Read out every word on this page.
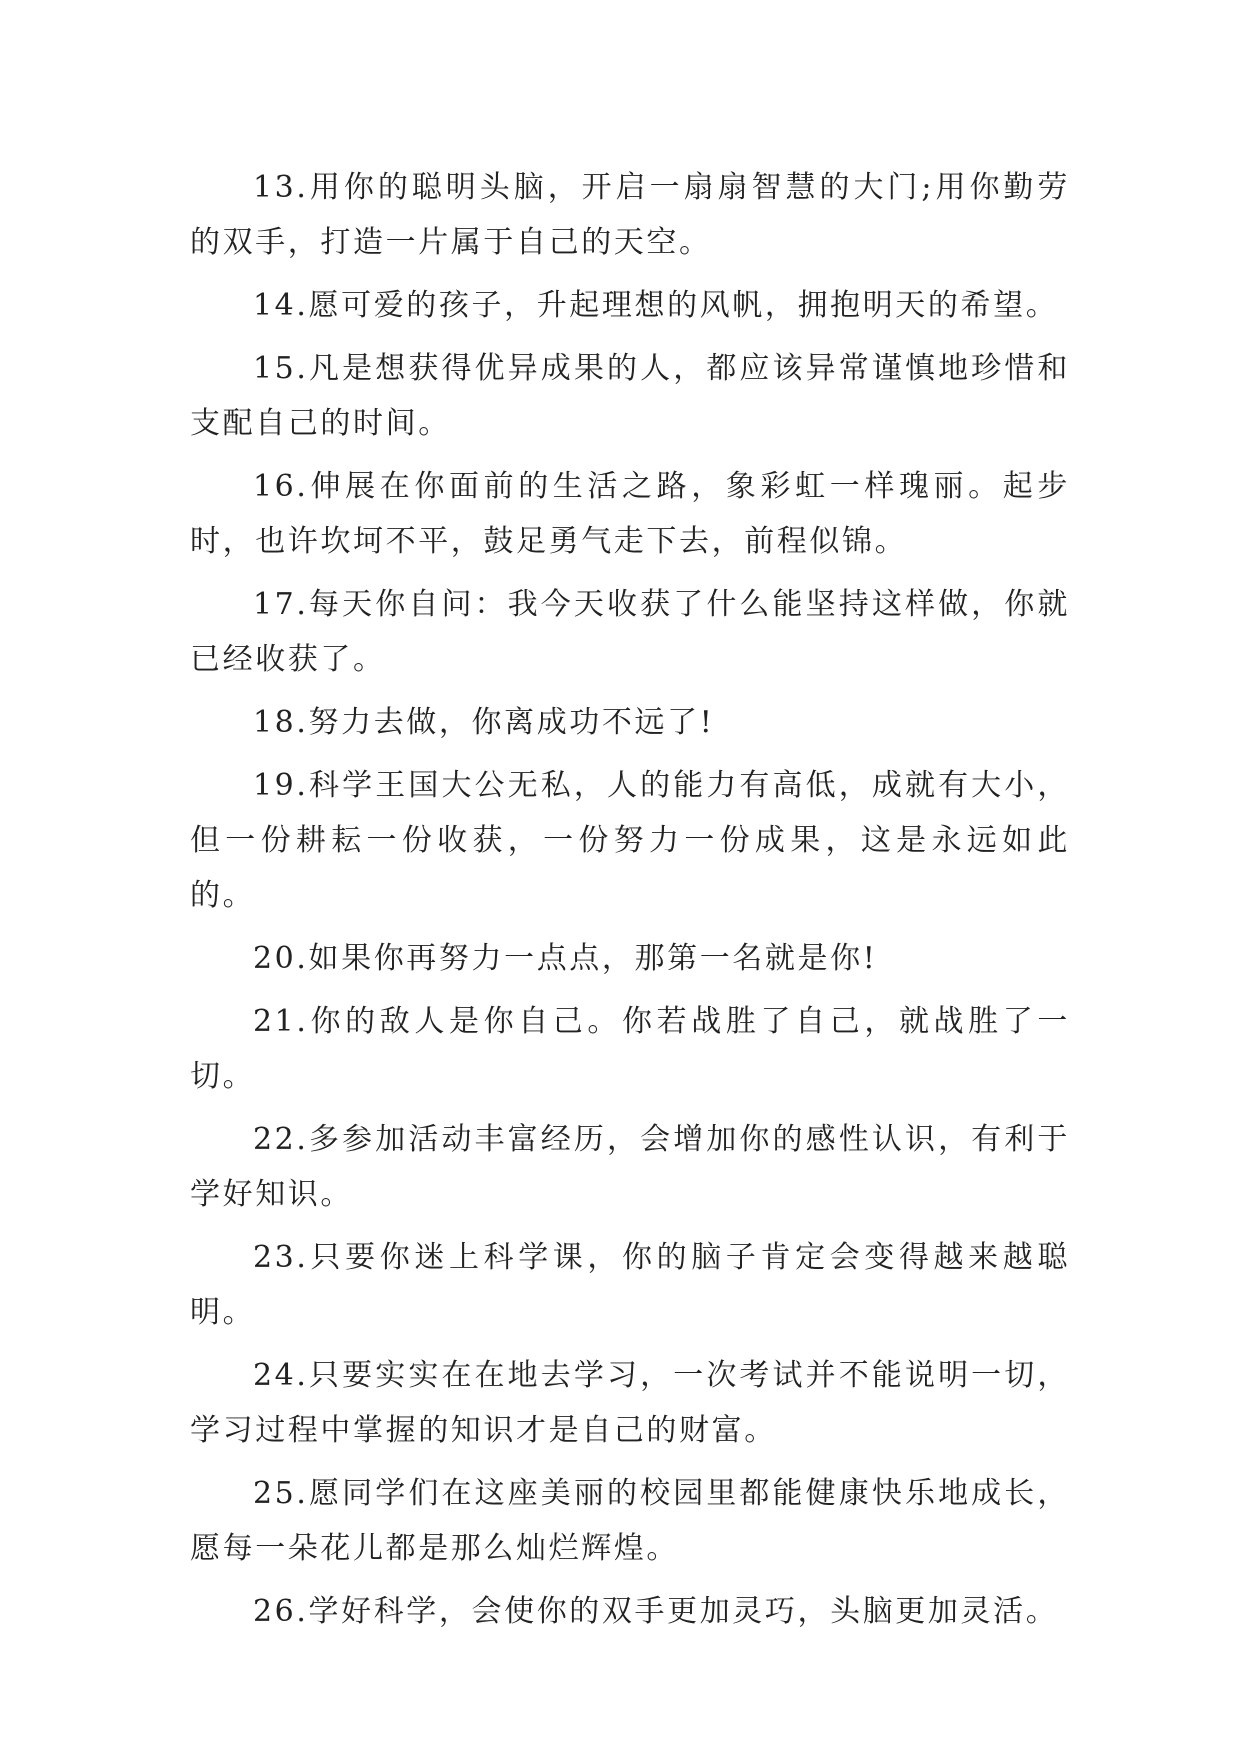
13.用你的聪明头脑，开启一扇扇智慧的大门;用你勤劳的双手，打造一片属于自己的天空。

14.愿可爱的孩子，升起理想的风帆，拥抱明天的希望。

15.凡是想获得优异成果的人，都应该异常谨慎地珍惜和支配自己的时间。

16.伸展在你面前的生活之路，象彩虹一样瑰丽。起步时，也许坎坷不平，鼓足勇气走下去，前程似锦。

17.每天你自问：我今天收获了什么能坚持这样做，你就已经收获了。

18.努力去做，你离成功不远了!

19.科学王国大公无私，人的能力有高低，成就有大小，但一份耕耘一份收获，一份努力一份成果，这是永远如此的。

20.如果你再努力一点点，那第一名就是你!

21.你的敌人是你自己。你若战胜了自己，就战胜了一切。

22.多参加活动丰富经历，会增加你的感性认识，有利于学好知识。

23.只要你迷上科学课，你的脑子肯定会变得越来越聪明。

24.只要实实在在地去学习，一次考试并不能说明一切，学习过程中掌握的知识才是自己的财富。

25.愿同学们在这座美丽的校园里都能健康快乐地成长，愿每一朵花儿都是那么灿烂辉煌。

26.学好科学，会使你的双手更加灵巧，头脑更加灵活。
